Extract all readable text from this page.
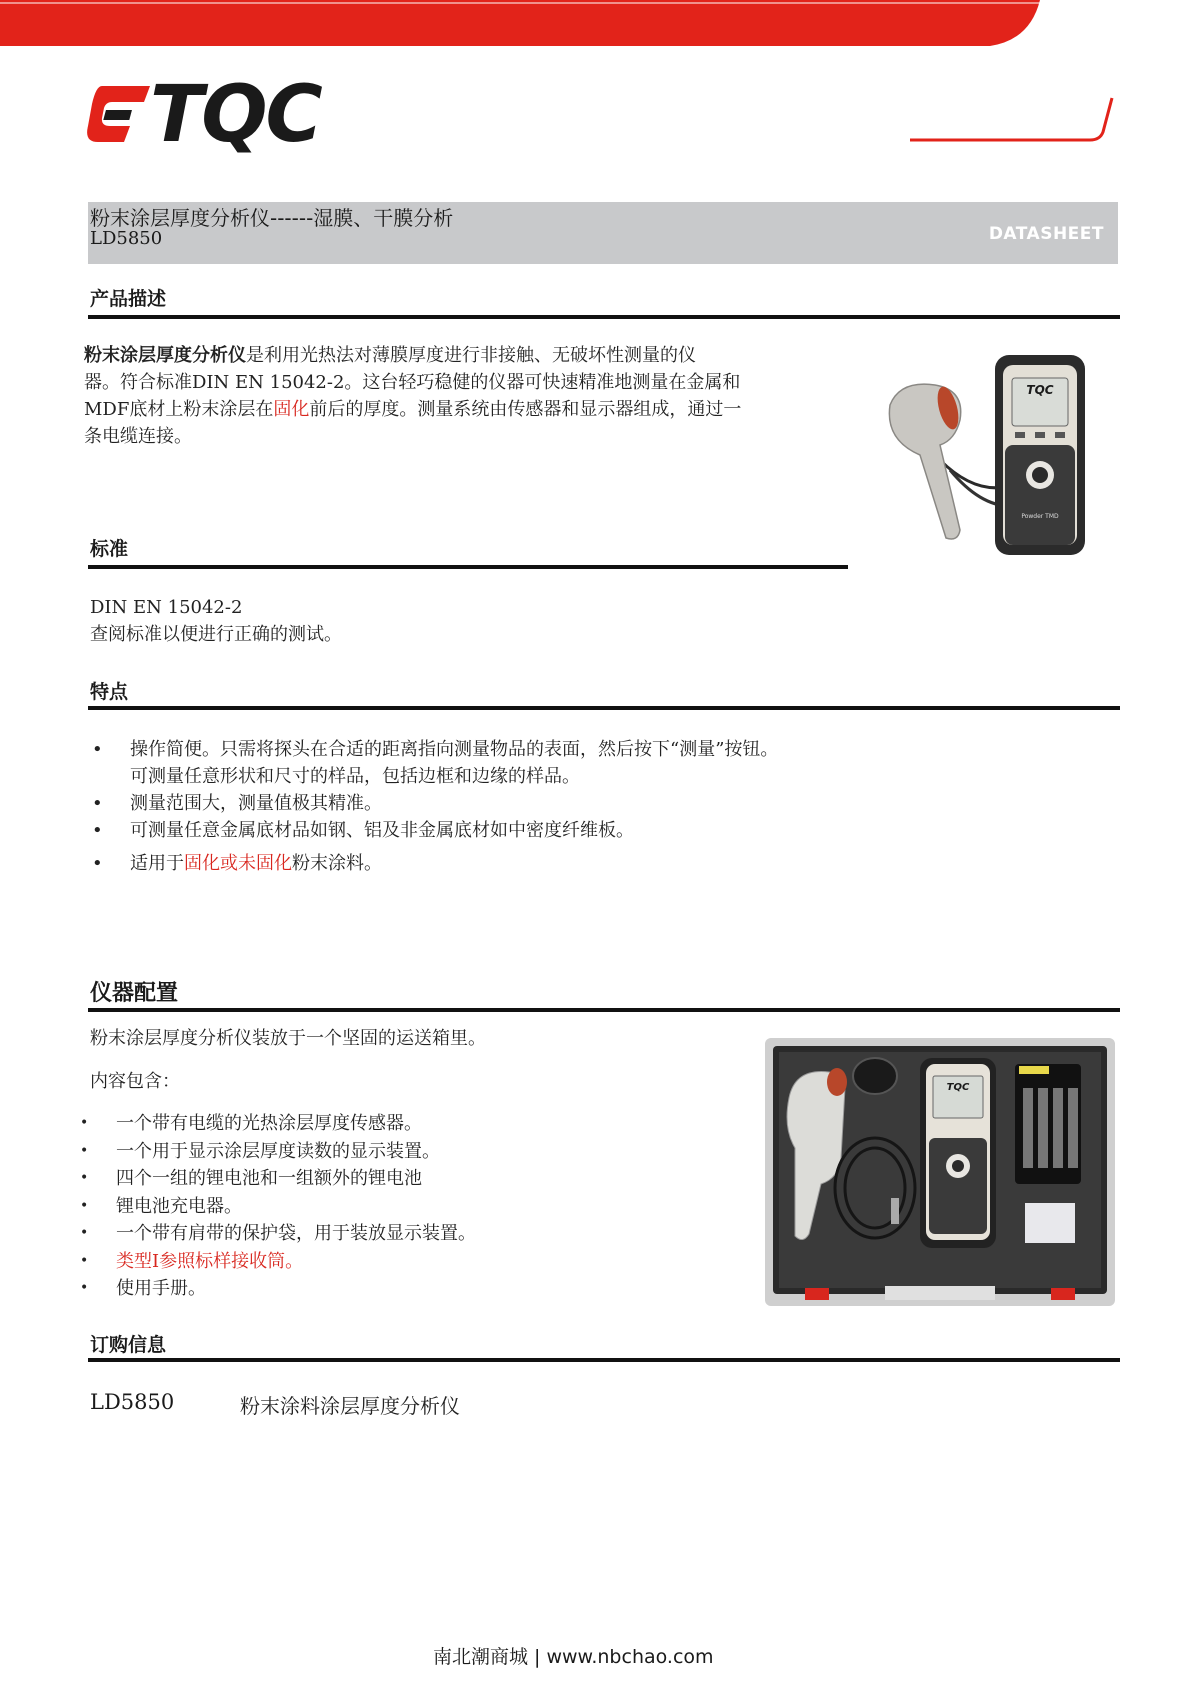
TQC
粉末涂层厚度分析仪------湿膜、干膜分析
LD5850	DATASHEET
产品描述
粉末涂层厚度分析仪是利用光热法对薄膜厚度进行非接触、无破坏性测量的仪
器。符合标准DIN EN 15042-2。这台轻巧稳健的仪器可快速精准地测量在金属和
MDF底材上粉末涂层在固化前后的厚度。测量系统由传感器和显示器组成，通过一
条电缆连接。
TQC
Powder TMD
标准
DIN EN 15042-2
查阅标准以便进行正确的测试。
特点
• 操作简便。只需将探头在合适的距离指向测量物品的表面，然后按下“测量”按钮。
可测量任意形状和尺寸的样品，包括边框和边缘的样品。
• 测量范围大，测量值极其精准。
• 可测量任意金属底材品如钢、铝及非金属底材如中密度纤维板。
• 适用于固化或未固化粉末涂料。
仪器配置
粉末涂层厚度分析仪装放于一个坚固的运送箱里。
内容包含：
• 一个带有电缆的光热涂层厚度传感器。
• 一个用于显示涂层厚度读数的显示装置。
• 四个一组的锂电池和一组额外的锂电池
• 锂电池充电器。
• 一个带有肩带的保护袋，用于装放显示装置。
• 类型Ⅰ参照标样接收筒。
• 使用手册。
TQC
订购信息
LD5850	粉末涂料涂层厚度分析仪
南北潮商城 | www.nbchao.com
